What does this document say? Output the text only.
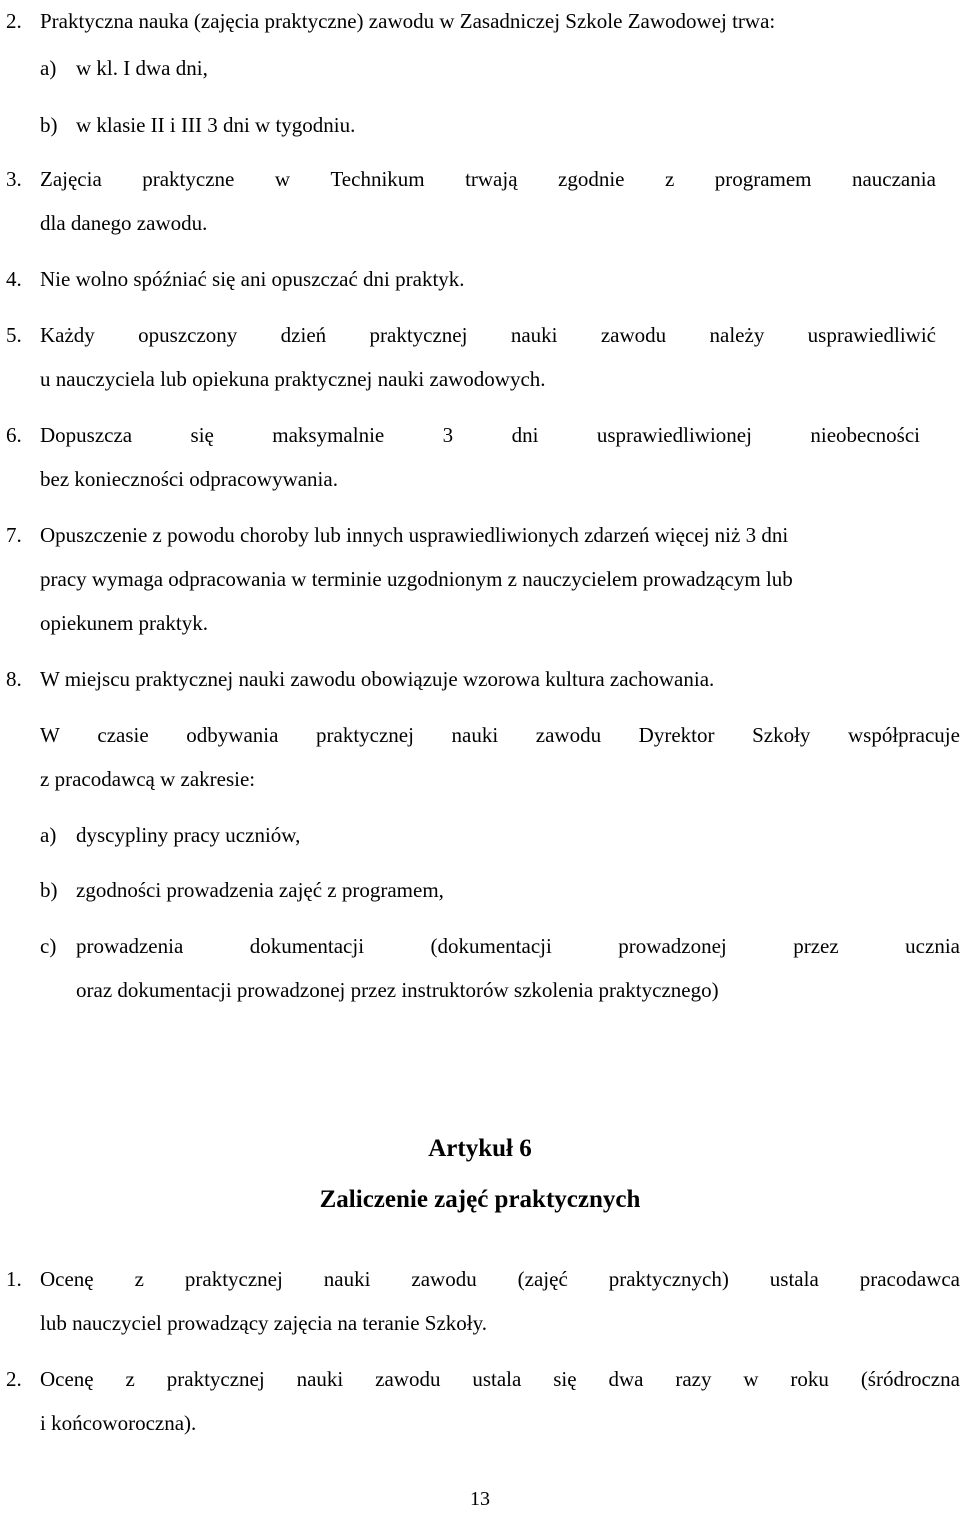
2. Praktyczna nauka (zajęcia praktyczne) zawodu w Zasadniczej Szkole Zawodowej trwa:
a) w kl. I dwa dni,
b) w klasie II i III 3 dni w tygodniu.
3. Zajęcia praktyczne w Technikum trwają zgodnie z programem nauczania
dla danego zawodu.
4. Nie wolno spóźniać się ani opuszczać dni praktyk.
5. Każdy opuszczony dzień praktycznej nauki zawodu należy usprawiedliwić
u nauczyciela lub opiekuna praktycznej nauki zawodowych.
6. Dopuszcza	się	maksymalnie	3	dni	usprawiedliwionej	nieobecności
bez konieczności odpracowywania.
7. Opuszczenie z powodu choroby lub innych usprawiedliwionych zdarzeń więcej niż 3 dni
pracy wymaga odpracowania w terminie uzgodnionym z nauczycielem prowadzącym lub
opiekunem praktyk.
8. W miejscu praktycznej nauki zawodu obowiązuje wzorowa kultura zachowania.
W czasie odbywania praktycznej nauki zawodu Dyrektor Szkoły współpracuje
z pracodawcą w zakresie:
a) dyscypliny pracy uczniów,
b) zgodności prowadzenia zajęć z programem,
c) prowadzenia	dokumentacji	(dokumentacji	prowadzonej	przez	ucznia
oraz dokumentacji prowadzonej przez instruktorów szkolenia praktycznego)
Artykuł 6
Zaliczenie zajęć praktycznych
1. Ocenę z praktycznej nauki zawodu (zajęć praktycznych) ustala pracodawca
lub nauczyciel prowadzący zajęcia na teranie Szkoły.
2. Ocenę z praktycznej nauki zawodu ustala się dwa razy w roku (śródroczna
i końcoworoczna).
13
